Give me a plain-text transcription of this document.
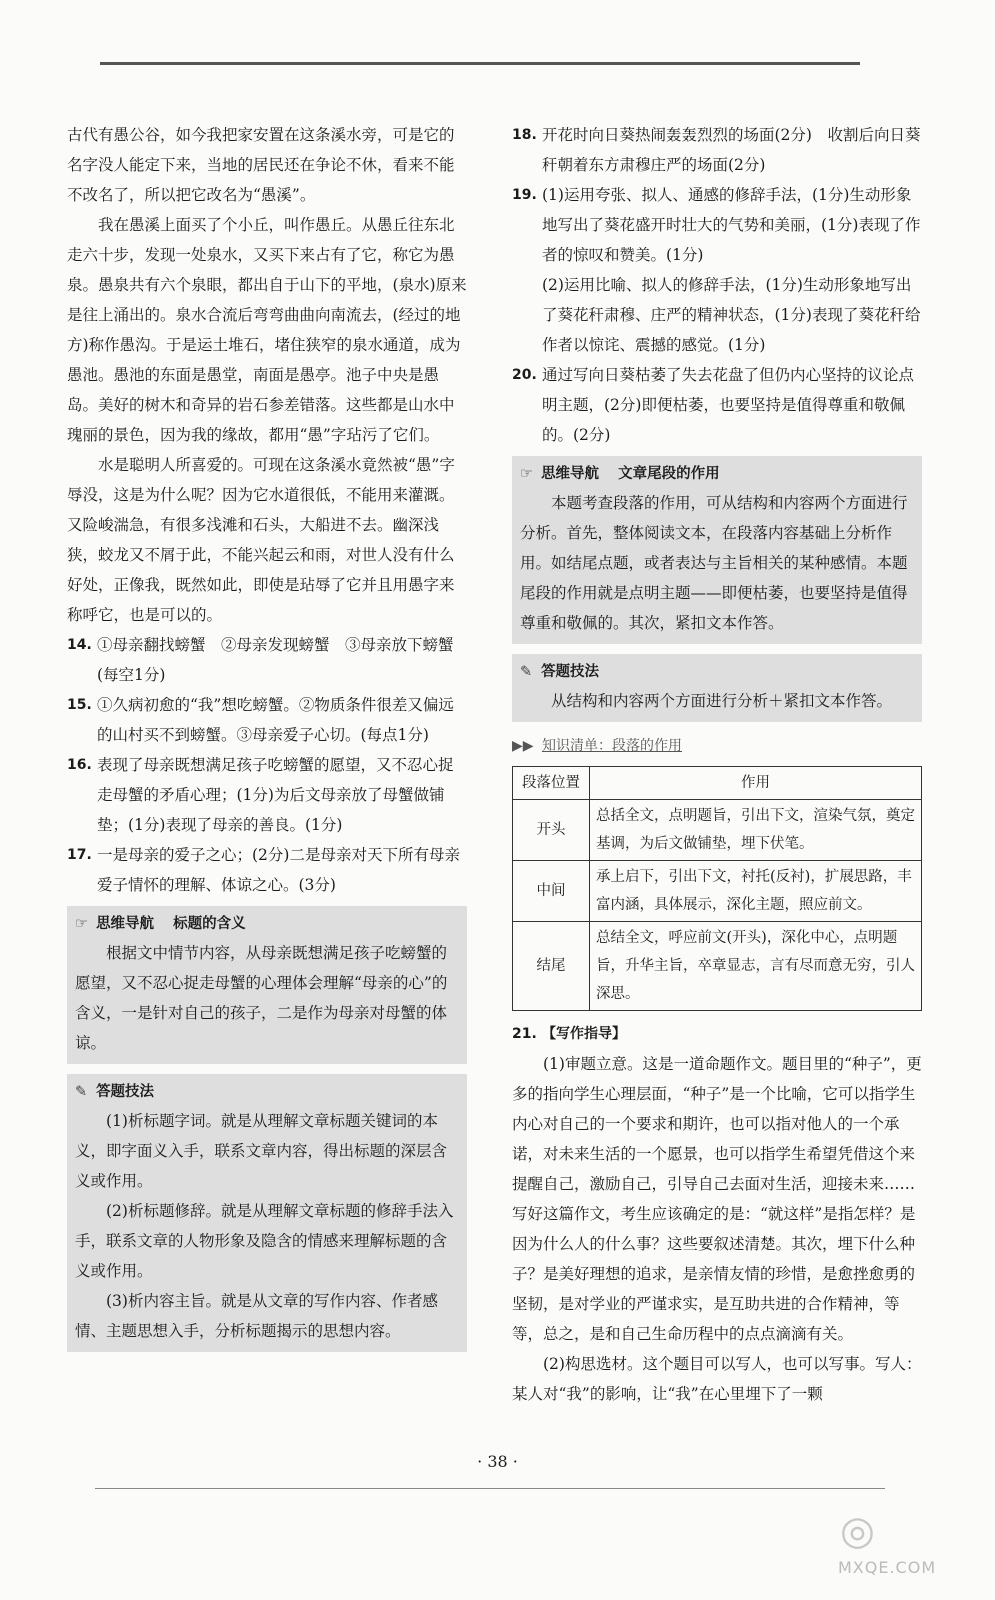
古代有愚公谷，如今我把家安置在这条溪水旁，可是它的名字没人能定下来，当地的居民还在争论不休，看来不能不改名了，所以把它改名为“愚溪”。

我在愚溪上面买了个小丘，叫作愚丘。从愚丘往东北走六十步，发现一处泉水，又买下来占有了它，称它为愚泉。愚泉共有六个泉眼，都出自于山下的平地，(泉水)原来是往上涌出的。泉水合流后弯弯曲曲向南流去，(经过的地方)称作愚沟。于是运土堆石，堵住狭窄的泉水通道，成为愚池。愚池的东面是愚堂，南面是愚亭。池子中央是愚岛。美好的树木和奇异的岩石参差错落。这些都是山水中瑰丽的景色，因为我的缘故，都用“愚”字玷污了它们。

水是聪明人所喜爱的。可现在这条溪水竟然被“愚”字辱没，这是为什么呢？因为它水道很低，不能用来灌溉。又险峻湍急，有很多浅滩和石头，大船进不去。幽深浅狭，蛟龙又不屑于此，不能兴起云和雨，对世人没有什么好处，正像我，既然如此，即使是玷辱了它并且用愚字来称呼它，也是可以的。

14. ①母亲翻找螃蟹　②母亲发现螃蟹　③母亲放下螃蟹(每空1分)

15. ①久病初愈的“我”想吃螃蟹。②物质条件很差又偏远的山村买不到螃蟹。③母亲爱子心切。(每点1分)

16. 表现了母亲既想满足孩子吃螃蟹的愿望，又不忍心捉走母蟹的矛盾心理；(1分)为后文母亲放了母蟹做铺垫；(1分)表现了母亲的善良。(1分)

17. 一是母亲的爱子之心；(2分)二是母亲对天下所有母亲爱子情怀的理解、体谅之心。(3分)

☞ 思维导航 标题的含义

根据文中情节内容，从母亲既想满足孩子吃螃蟹的愿望，又不忍心捉走母蟹的心理体会理解“母亲的心”的含义，一是针对自己的孩子，二是作为母亲对母蟹的体谅。

✎ 答题技法

(1)析标题字词。就是从理解文章标题关键词的本义，即字面义入手，联系文章内容，得出标题的深层含义或作用。

(2)析标题修辞。就是从理解文章标题的修辞手法入手，联系文章的人物形象及隐含的情感来理解标题的含义或作用。

(3)析内容主旨。就是从文章的写作内容、作者感情、主题思想入手，分析标题揭示的思想内容。

18. 开花时向日葵热闹轰轰烈烈的场面(2分)　收割后向日葵秆朝着东方肃穆庄严的场面(2分)

19. (1)运用夸张、拟人、通感的修辞手法，(1分)生动形象地写出了葵花盛开时壮大的气势和美丽，(1分)表现了作者的惊叹和赞美。(1分)

(2)运用比喻、拟人的修辞手法，(1分)生动形象地写出了葵花秆肃穆、庄严的精神状态，(1分)表现了葵花秆给作者以惊诧、震撼的感觉。(1分)

20. 通过写向日葵枯萎了失去花盘了但仍内心坚持的议论点明主题，(2分)即便枯萎，也要坚持是值得尊重和敬佩的。(2分)

☞ 思维导航 文章尾段的作用

本题考查段落的作用，可从结构和内容两个方面进行分析。首先，整体阅读文本，在段落内容基础上分析作用。如结尾点题，或者表达与主旨相关的某种感情。本题尾段的作用就是点明主题——即便枯萎，也要坚持是值得尊重和敬佩的。其次，紧扣文本作答。

✎ 答题技法

从结构和内容两个方面进行分析＋紧扣文本作答。

▶▶ 知识清单：段落的作用
段落位置	作用
开头	总括全文，点明题旨，引出下文，渲染气氛，奠定基调，为后文做铺垫，埋下伏笔。
中间	承上启下，引出下文，衬托(反衬)，扩展思路，丰富内涵，具体展示，深化主题，照应前文。
结尾	总结全文，呼应前文(开头)，深化中心，点明题旨，升华主旨，卒章显志，言有尽而意无穷，引人深思。
21. 【写作指导】

(1)审题立意。这是一道命题作文。题目里的“种子”，更多的指向学生心理层面，“种子”是一个比喻，它可以指学生内心对自己的一个要求和期许，也可以指对他人的一个承诺，对未来生活的一个愿景，也可以指学生希望凭借这个来提醒自己，激励自己，引导自己去面对生活，迎接未来……写好这篇作文，考生应该确定的是：“就这样”是指怎样？是因为什么人的什么事？这些要叙述清楚。其次，埋下什么种子？是美好理想的追求，是亲情友情的珍惜，是愈挫愈勇的坚韧，是对学业的严谨求实，是互助共进的合作精神，等等，总之，是和自己生命历程中的点点滴滴有关。

(2)构思选材。这个题目可以写人，也可以写事。写人：某人对“我”的影响，让“我”在心里埋下了一颗

· 38 ·
◎
MXQE.COM
